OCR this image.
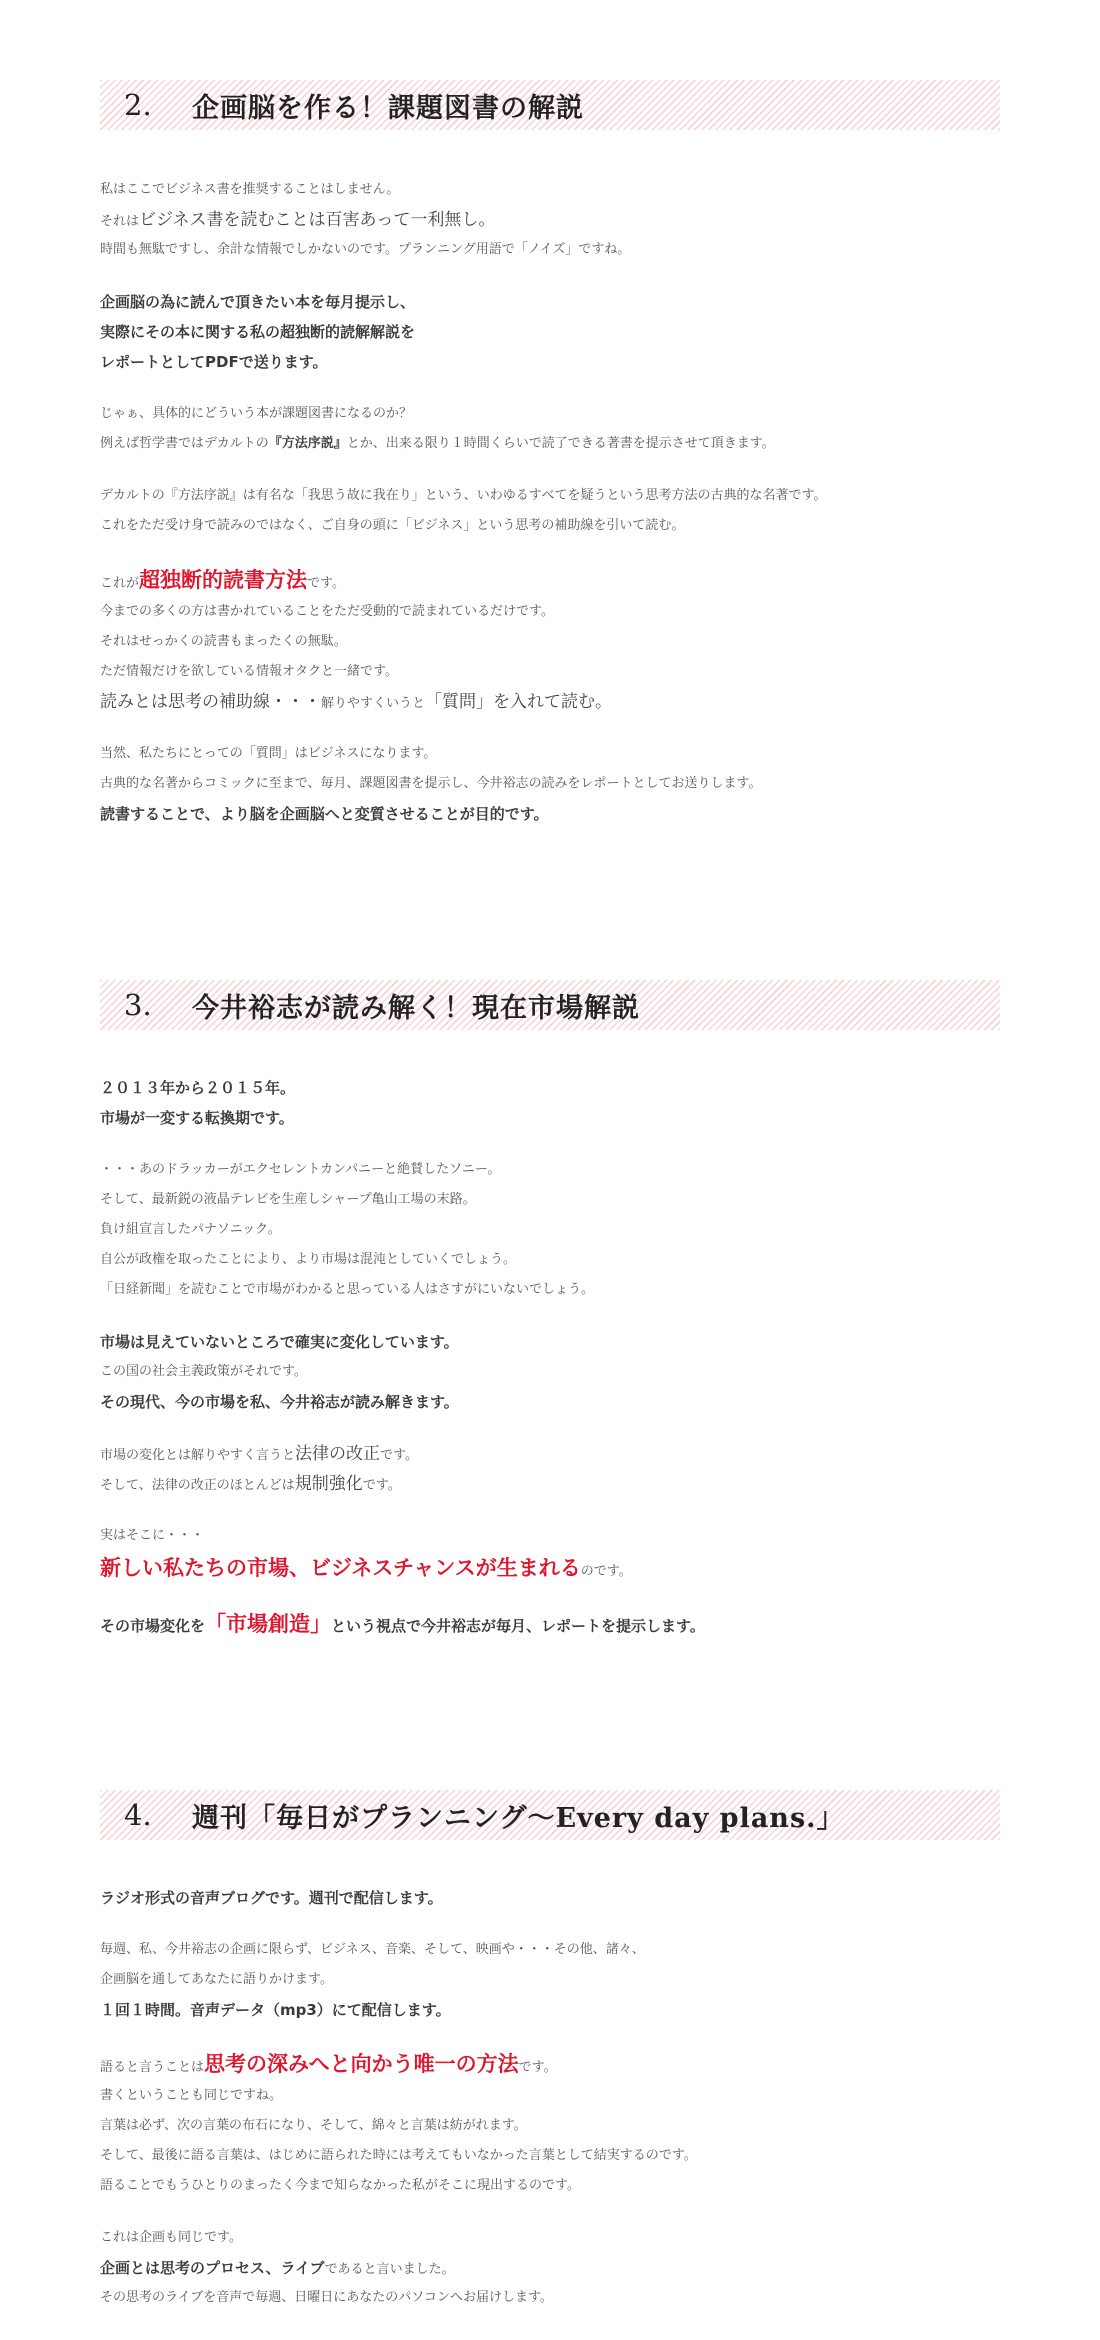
2.	企画脳を作る！課題図書の解説
私はここでビジネス書を推奨することはしません。
それはビジネス書を読むことは百害あって一利無し。
時間も無駄ですし、余計な情報でしかないのです。プランニング用語で「ノイズ」ですね。
企画脳の為に読んで頂きたい本を毎月提示し、
実際にその本に関する私の超独断的読解解説を
レポートとしてPDFで送ります。
じゃぁ、具体的にどういう本が課題図書になるのか？
例えば哲学書ではデカルトの『方法序説』とか、出来る限り１時間くらいで読了できる著書を提示させて頂きます。
デカルトの『方法序説』は有名な「我思う故に我在り」という、いわゆるすべてを疑うという思考方法の古典的な名著です。
これをただ受け身で読みのではなく、ご自身の頭に「ビジネス」という思考の補助線を引いて読む。
これが超独断的読書方法です。
今までの多くの方は書かれていることをただ受動的で読まれているだけです。
それはせっかくの読書もまったくの無駄。
ただ情報だけを欲している情報オタクと一緒です。
読みとは思考の補助線・・・解りやすくいうと「質問」を入れて読む。
当然、私たちにとっての「質問」はビジネスになります。
古典的な名著からコミックに至まで、毎月、課題図書を提示し、今井裕志の読みをレポートとしてお送りします。
読書することで、より脳を企画脳へと変質させることが目的です。
3.	今井裕志が読み解く！現在市場解説
２０１３年から２０１５年。
市場が一変する転換期です。
・・・あのドラッカーがエクセレントカンパニーと絶賛したソニー。
そして、最新鋭の液晶テレビを生産しシャープ亀山工場の末路。
負け組宣言したパナソニック。
自公が政権を取ったことにより、より市場は混沌としていくでしょう。
「日経新聞」を読むことで市場がわかると思っている人はさすがにいないでしょう。
市場は見えていないところで確実に変化しています。
この国の社会主義政策がそれです。
その現代、今の市場を私、今井裕志が読み解きます。
市場の変化とは解りやすく言うと法律の改正です。
そして、法律の改正のほとんどは規制強化です。
実はそこに・・・
新しい私たちの市場、ビジネスチャンスが生まれるのです。
その市場変化を「市場創造」という視点で今井裕志が毎月、レポートを提示します。
4.	週刊「毎日がプランニング〜Every day plans.」
ラジオ形式の音声ブログです。週刊で配信します。
毎週、私、今井裕志の企画に限らず、ビジネス、音楽、そして、映画や・・・その他、諸々、
企画脳を通してあなたに語りかけます。
１回１時間。音声データ（mp3）にて配信します。
語ると言うことは思考の深みへと向かう唯一の方法です。
書くということも同じですね。
言葉は必ず、次の言葉の布石になり、そして、綿々と言葉は紡がれます。
そして、最後に語る言葉は、はじめに語られた時には考えてもいなかった言葉として結実するのです。
語ることでもうひとりのまったく今まで知らなかった私がそこに現出するのです。
これは企画も同じです。
企画とは思考のプロセス、ライブであると言いました。
その思考のライブを音声で毎週、日曜日にあなたのパソコンへお届けします。
